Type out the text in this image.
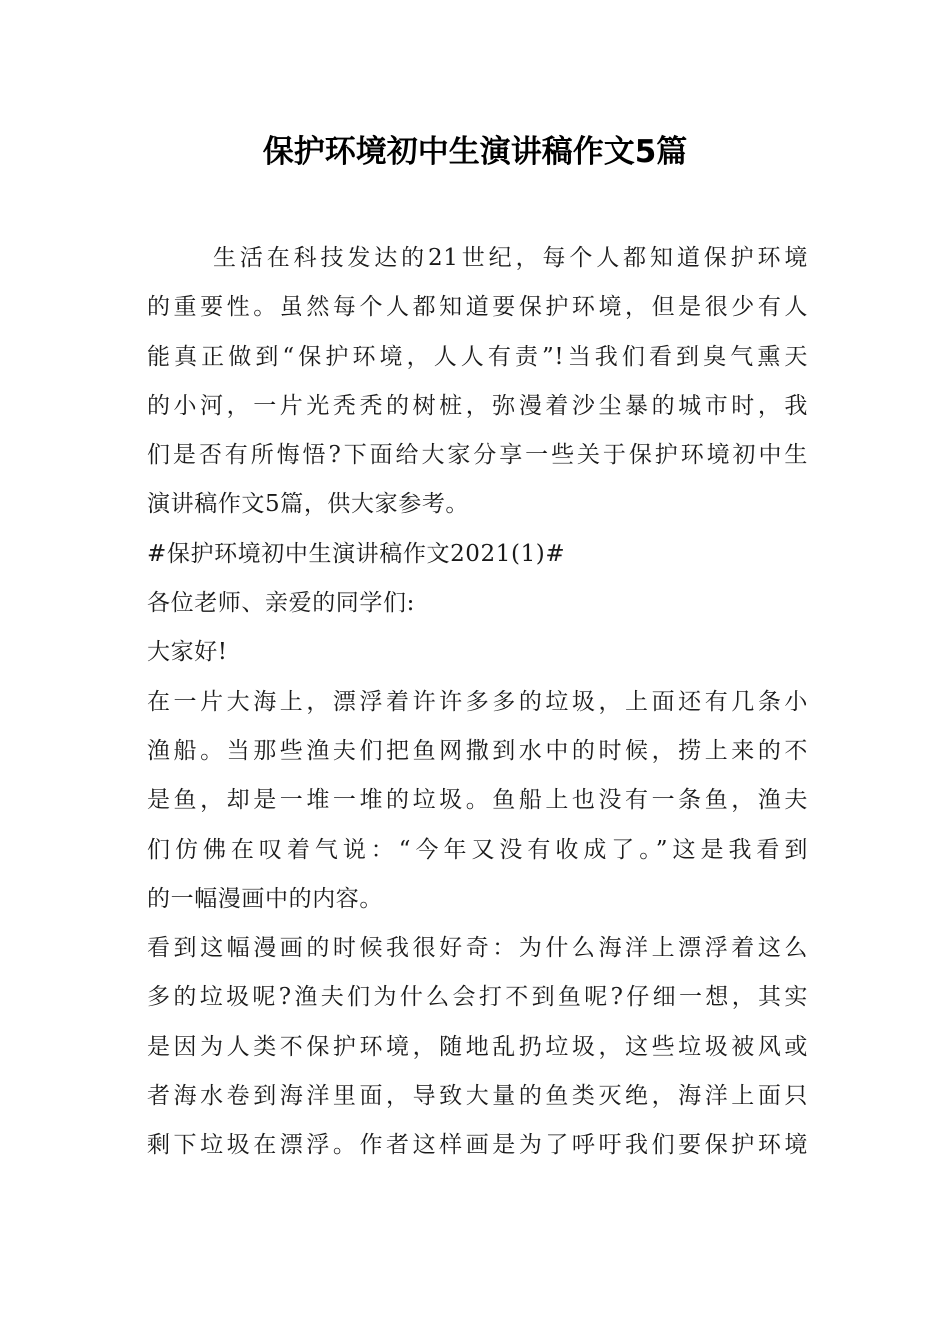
保护环境初中生演讲稿作文5篇
生活在科技发达的21世纪，每个人都知道保护环境
的重要性。虽然每个人都知道要保护环境，但是很少有人
能真正做到“保护环境，人人有责”!当我们看到臭气熏天
的小河，一片光秃秃的树桩，弥漫着沙尘暴的城市时，我
们是否有所悔悟?下面给大家分享一些关于保护环境初中生
演讲稿作文5篇，供大家参考。
#保护环境初中生演讲稿作文2021(1)#
各位老师、亲爱的同学们:
大家好!
在一片大海上，漂浮着许许多多的垃圾，上面还有几条小
渔船。当那些渔夫们把鱼网撒到水中的时候，捞上来的不
是鱼，却是一堆一堆的垃圾。鱼船上也没有一条鱼，渔夫
们仿佛在叹着气说：“今年又没有收成了。”这是我看到
的一幅漫画中的内容。
看到这幅漫画的时候我很好奇：为什么海洋上漂浮着这么
多的垃圾呢?渔夫们为什么会打不到鱼呢?仔细一想，其实
是因为人类不保护环境，随地乱扔垃圾，这些垃圾被风或
者海水卷到海洋里面，导致大量的鱼类灭绝，海洋上面只
剩下垃圾在漂浮。作者这样画是为了呼吁我们要保护环境
